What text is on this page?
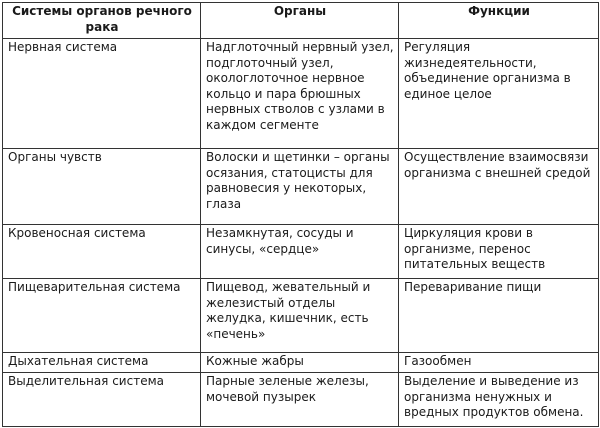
Системы органов речного рака	Органы	Функции
Нервная система	Надглоточный нервный узел, подглоточный узел, окологлоточное нервное кольцо и пара брюшных нервных стволов с узлами в каждом сегменте	Регуляция жизнедеятельности, объединение организма в единое целое
Органы чувств	Волоски и щетинки – органы осязания, статоцисты для равновесия у некоторых, глаза	Осуществление взаимосвязи организма с внешней средой
Кровеносная система	Незамкнутая, сосуды и синусы, «сердце»	Циркуляция крови в организме, перенос питательных веществ
Пищеварительная система	Пищевод, жевательный и железистый отделы желудка, кишечник, есть «печень»	Переваривание пищи
Дыхательная система	Кожные жабры	Газообмен
Выделительная система	Парные зеленые железы, мочевой пузырек	Выделение и выведение из организма ненужных и вредных продуктов обмена.
